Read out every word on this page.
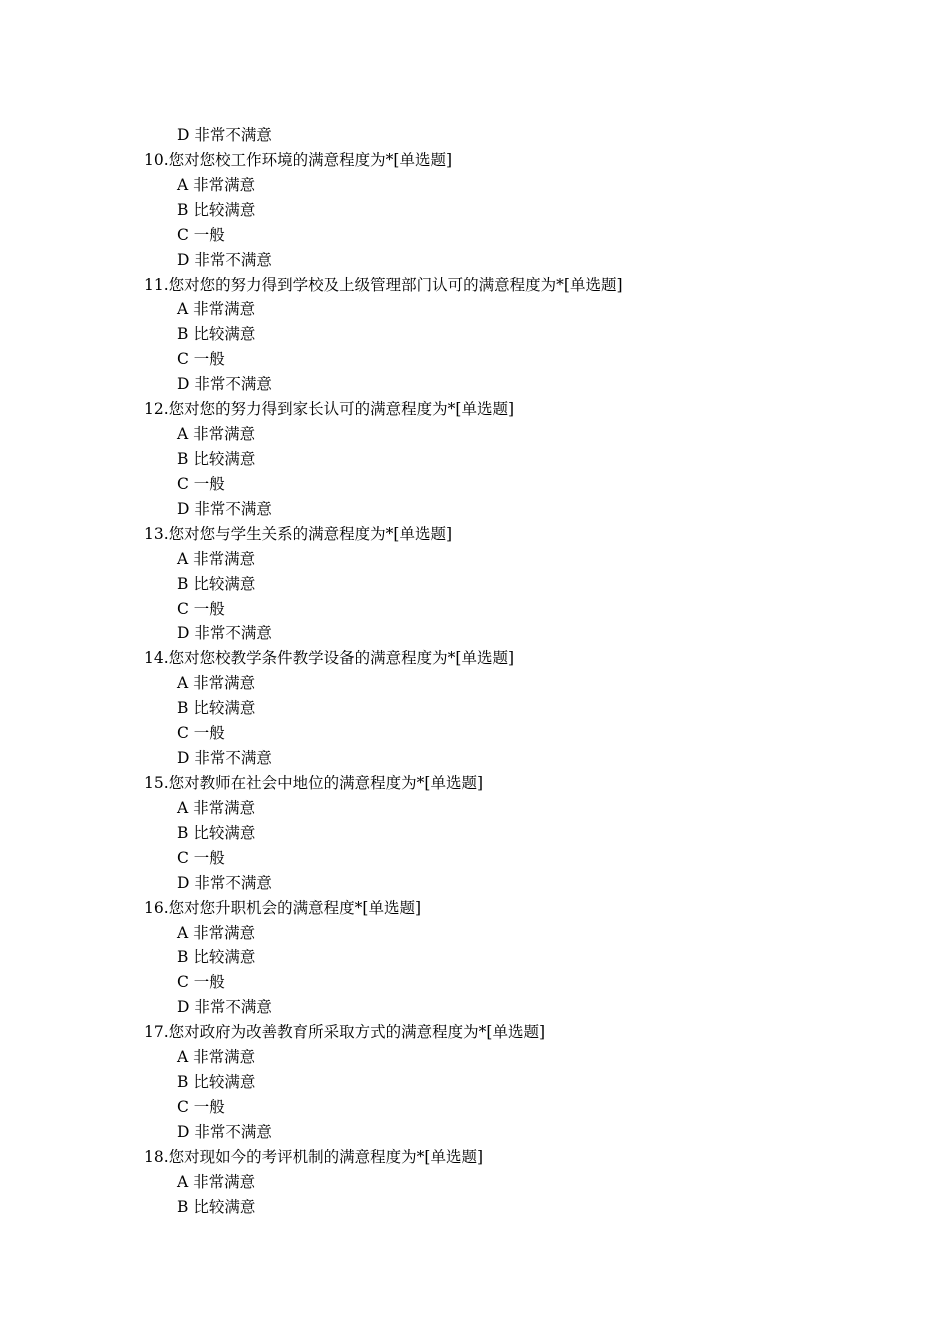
D 非常不满意
10.您对您校工作环境的满意程度为*[单选题]
A 非常满意
B 比较满意
C 一般
D 非常不满意
11.您对您的努力得到学校及上级管理部门认可的满意程度为*[单选题]
A 非常满意
B 比较满意
C 一般
D 非常不满意
12.您对您的努力得到家长认可的满意程度为*[单选题]
A 非常满意
B 比较满意
C 一般
D 非常不满意
13.您对您与学生关系的满意程度为*[单选题]
A 非常满意
B 比较满意
C 一般
D 非常不满意
14.您对您校教学条件教学设备的满意程度为*[单选题]
A 非常满意
B 比较满意
C 一般
D 非常不满意
15.您对教师在社会中地位的满意程度为*[单选题]
A 非常满意
B 比较满意
C 一般
D 非常不满意
16.您对您升职机会的满意程度*[单选题]
A 非常满意
B 比较满意
C 一般
D 非常不满意
17.您对政府为改善教育所采取方式的满意程度为*[单选题]
A 非常满意
B 比较满意
C 一般
D 非常不满意
18.您对现如今的考评机制的满意程度为*[单选题]
A 非常满意
B 比较满意
